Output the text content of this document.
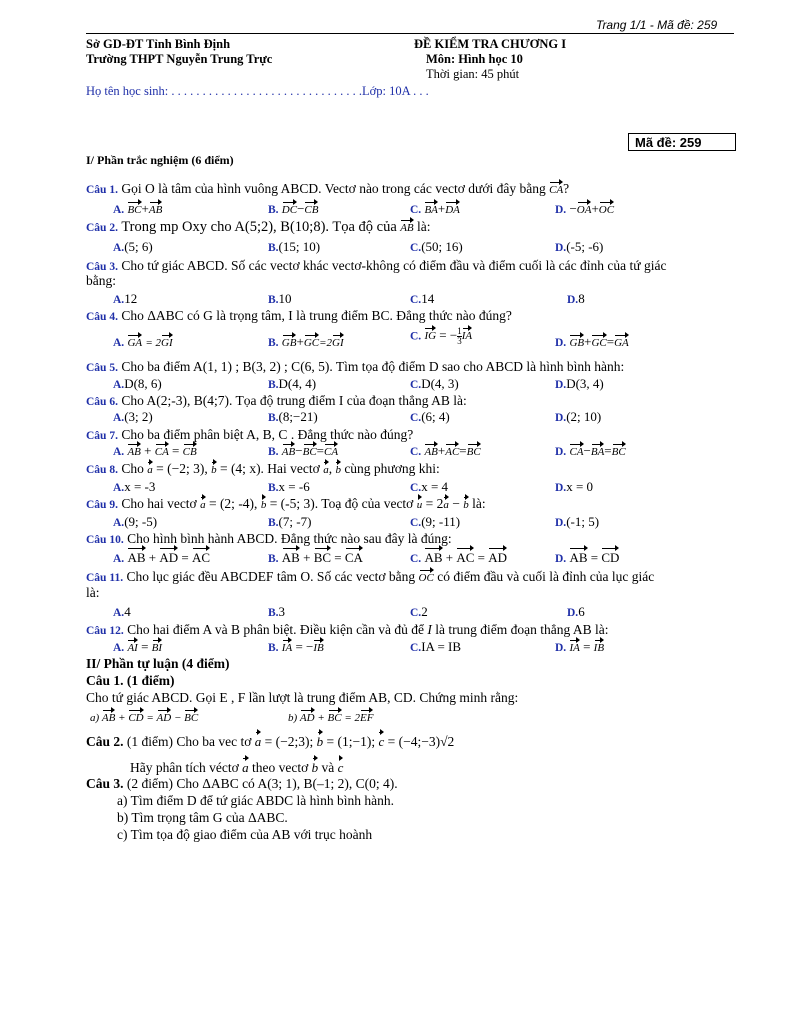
Trang 1/1 - Mã đề: 259
Sở GD-ĐT Tỉnh Bình Định
Trường THPT Nguyễn Trung Trực
ĐỀ KIỂM TRA CHƯƠNG I
Môn: Hình học 10
Thời gian: 45 phút
Họ tên học sinh: . . . . . . . . . . . . . . . . . . . . . . . . . . . . . . .Lớp: 10A . . .
Mã đề: 259
I/ Phần trắc nghiệm (6 điểm)
Câu 1. Gọi O là tâm của hình vuông ABCD. Vectơ nào trong các vectơ dưới đây bằng CA?
A. BC+AB	B. DC−CB	C. BA+DA	D. −OA+OC
Câu 2. Trong mp Oxy cho A(5;2), B(10;8). Tọa độ của AB là:
A.(5; 6)	B.(15; 10)	C.(50; 16)	D.(-5; -6)
Câu 3. Cho tứ giác ABCD. Số các vectơ khác vectơ-không có điểm đầu và điểm cuối là các đỉnh của tứ giác
bằng:
A.12	B.10	C.14	D.8
Câu 4. Cho ΔABC có G là trọng tâm, I là trung điểm BC. Đẳng thức nào đúng?
A. GA = 2GI	B. GB+GC=2GI
C. IG = − $\frac{1}{3}$ IA
D. GB+GC=GA
Câu 5. Cho ba điểm A(1, 1) ; B(3, 2) ; C(6, 5). Tìm tọa độ điểm D sao cho ABCD là hình bình hành:
A.D(8, 6)	B.D(4, 4)	C.D(4, 3)	D.D(3, 4)
Câu 6. Cho A(2;-3), B(4;7). Tọa độ trung điểm I của đoạn thẳng AB là:
A.(3; 2)	B.(8;−21)	C.(6; 4)	D.(2; 10)
Câu 7. Cho ba điểm phân biệt A, B, C . Đẳng thức nào đúng?
A. AB + CA = CB	B. AB−BC=CA	C. AB+AC=BC	D. CA−BA=BC
Câu 8. Cho a = (−2; 3), b = (4; x). Hai vectơ a, b cùng phương khi:
A.x = -3	B.x = -6	C.x = 4	D.x = 0
Câu 9. Cho hai vectơ a = (2; -4), b = (-5; 3). Toạ độ của vectơ u = 2a − b là:
A.(9; -5)	B.(7; -7)	C.(9; -11)	D.(-1; 5)
Câu 10. Cho hình bình hành ABCD. Đẳng thức nào sau đây là đúng:
A. AB + AD = AC	B. AB + BC = CA	C. AB + AC = AD	D. AB = CD
Câu 11. Cho lục giác đều ABCDEF tâm O. Số các vectơ bằng OC có điểm đầu và cuối là đỉnh của lục giác
là:
A.4	B.3	C.2	D.6
Câu 12. Cho hai điểm A và B phân biệt. Điều kiện cần và đủ để I là trung điểm đoạn thẳng AB là:
A. AI = BI	B. IA = −IB	C.IA = IB	D. IA = IB
II/ Phần tự luận (4 điểm)
Câu 1. (1 điểm)
Cho tứ giác ABCD. Gọi E , F lần lượt là trung điểm AB, CD. Chứng minh rằng:
a) AB + CD = AD − BC	b) AD + BC = 2EF
Câu 2. (1 điểm) Cho ba vec tơ a = (−2;3); b = (1;−1); c = (−4;−3)√2
Hãy phân tích véctơ a theo vectơ b và c
Câu 3. (2 điểm) Cho ΔABC có A(3; 1), B(–1; 2), C(0; 4).
a) Tìm điểm D để tứ giác ABDC là hình bình hành.
b) Tìm trọng tâm G của ΔABC.
c) Tìm tọa độ giao điểm của AB với trục hoành
